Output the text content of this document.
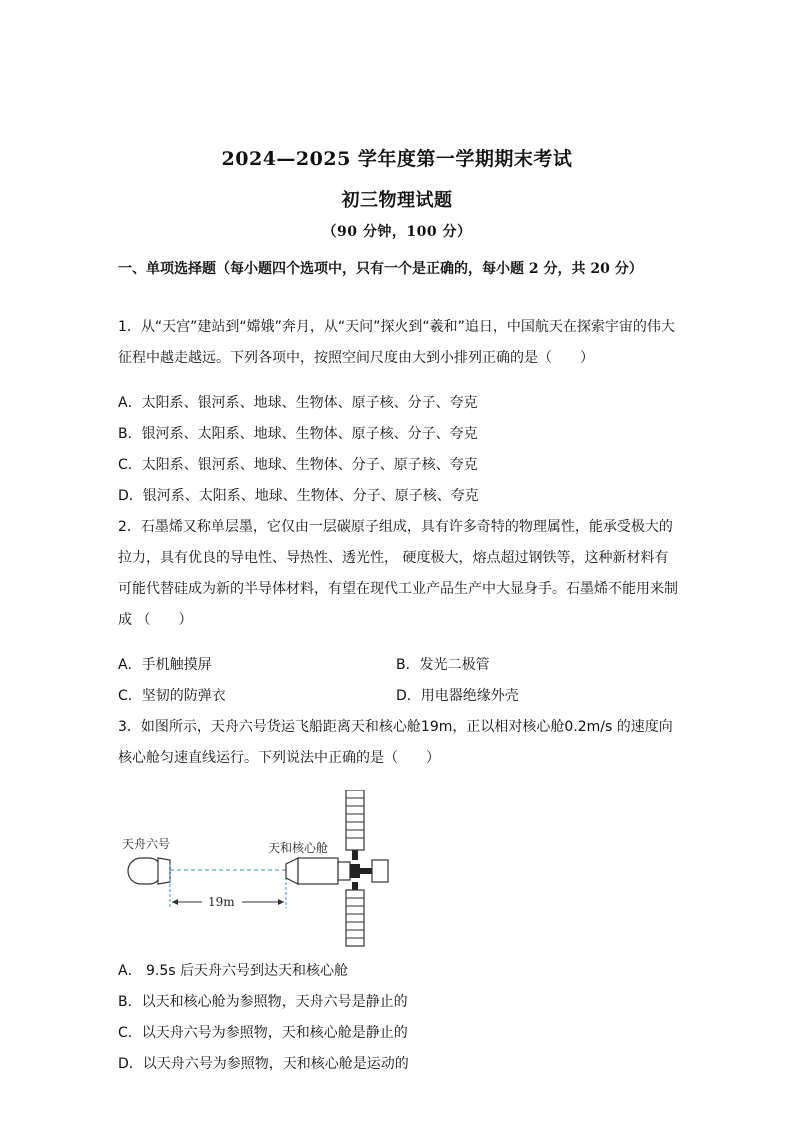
2024—2025 学年度第一学期期末考试
初三物理试题
（90 分钟，100 分）
一、单项选择题（每小题四个选项中，只有一个是正确的，每小题 2 分，共 20 分）
1．从“天宫”建站到“嫦娥”奔月，从“天问”探火到“羲和”追日，中国航天在探索宇宙的伟大征程中越走越远。下列各项中，按照空间尺度由大到小排列正确的是（　　）
A．太阳系、银河系、地球、生物体、原子核、分子、夸克
B．银河系、太阳系、地球、生物体、原子核、分子、夸克
C．太阳系、银河系、地球、生物体、分子、原子核、夸克
D．银河系、太阳系、地球、生物体、分子、原子核、夸克
2．石墨烯又称单层墨，它仅由一层碳原子组成，具有许多奇特的物理属性，能承受极大的拉力，具有优良的导电性、导热性、透光性， 硬度极大，熔点超过钢铁等，这种新材料有可能代替硅成为新的半导体材料，有望在现代工业产品生产中大显身手。石墨烯不能用来制成 （　　）
A．手机触摸屏	B．发光二极管
C．坚韧的防弹衣	D．用电器绝缘外壳
3．如图所示，天舟六号货运飞船距离天和核心舱19m，正以相对核心舱0.2m/s 的速度向核心舱匀速直线运行。下列说法中正确的是（　　）
天舟六号	天和核心舱
19m
A． 9.5s 后天舟六号到达天和核心舱
B．以天和核心舱为参照物，天舟六号是静止的
C．以天舟六号为参照物，天和核心舱是静止的
D．以天舟六号为参照物，天和核心舱是运动的
